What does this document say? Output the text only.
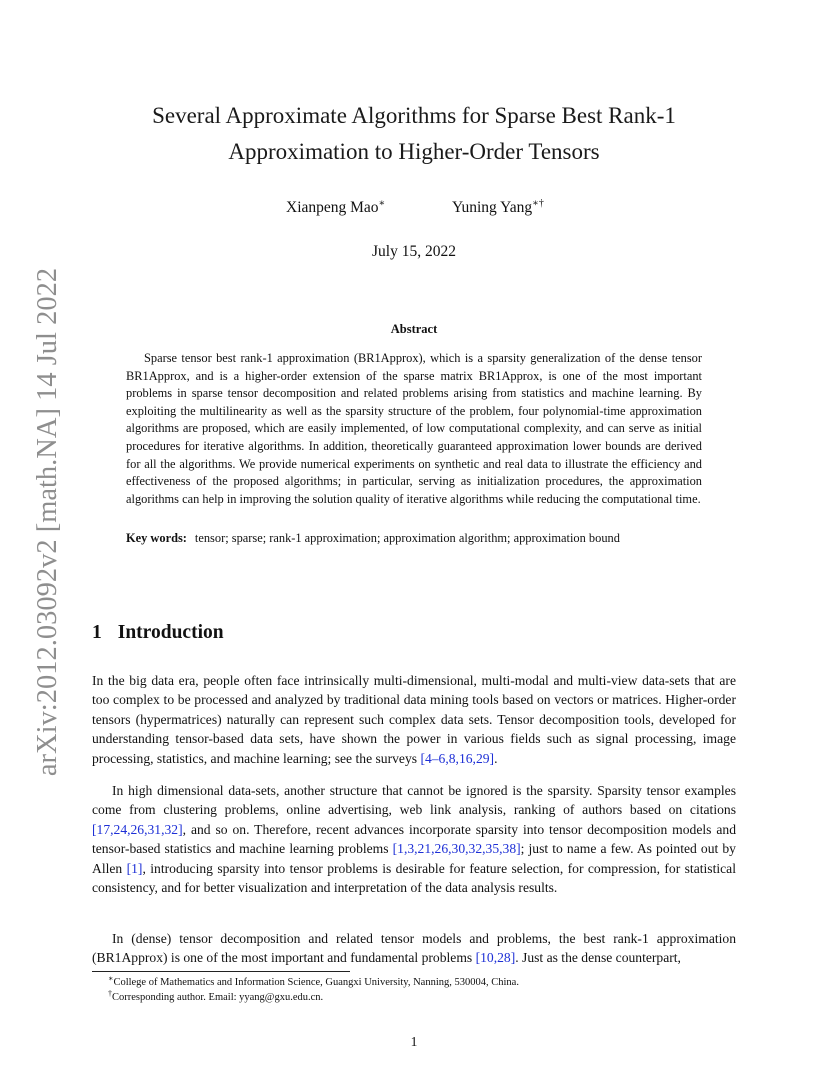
arXiv:2012.03092v2 [math.NA] 14 Jul 2022
Several Approximate Algorithms for Sparse Best Rank-1
Approximation to Higher-Order Tensors
Xianpeng Mao∗	Yuning Yang∗†
July 15, 2022
Abstract

Sparse tensor best rank-1 approximation (BR1Approx), which is a sparsity generalization of the dense tensor BR1Approx, and is a higher-order extension of the sparse matrix BR1Approx, is one of the most important problems in sparse tensor decomposition and related problems arising from statistics and machine learning. By exploiting the multilinearity as well as the sparsity structure of the problem, four polynomial-time approximation algorithms are proposed, which are easily implemented, of low computational complexity, and can serve as initial procedures for iterative algorithms. In addition, theoretically guaranteed approximation lower bounds are derived for all the algorithms. We provide numerical experiments on synthetic and real data to illustrate the efficiency and effectiveness of the proposed algorithms; in particular, serving as initialization procedures, the approximation algorithms can help in improving the solution quality of iterative algorithms while reducing the computational time.

Key words: tensor; sparse; rank-1 approximation; approximation algorithm; approximation bound

1 Introduction

In the big data era, people often face intrinsically multi-dimensional, multi-modal and multi-view data-sets that are too complex to be processed and analyzed by traditional data mining tools based on vectors or matrices. Higher-order tensors (hypermatrices) naturally can represent such complex data sets. Tensor decomposition tools, developed for understanding tensor-based data sets, have shown the power in various fields such as signal processing, image processing, statistics, and machine learning; see the surveys [4–6,8,16,29].

In high dimensional data-sets, another structure that cannot be ignored is the sparsity. Sparsity tensor examples come from clustering problems, online advertising, web link analysis, ranking of authors based on citations [17,24,26,31,32], and so on. Therefore, recent advances incorporate sparsity into tensor decomposition models and tensor-based statistics and machine learning problems [1,3,21,26,30,32,35,38]; just to name a few. As pointed out by Allen [1], introducing sparsity into tensor problems is desirable for feature selection, for compression, for statistical consistency, and for better visualization and interpretation of the data analysis results.

In (dense) tensor decomposition and related tensor models and problems, the best rank-1 approximation (BR1Approx) is one of the most important and fundamental problems [10,28]. Just as the dense counterpart,

∗College of Mathematics and Information Science, Guangxi University, Nanning, 530004, China.
†Corresponding author. Email: yyang@gxu.edu.cn.
1
